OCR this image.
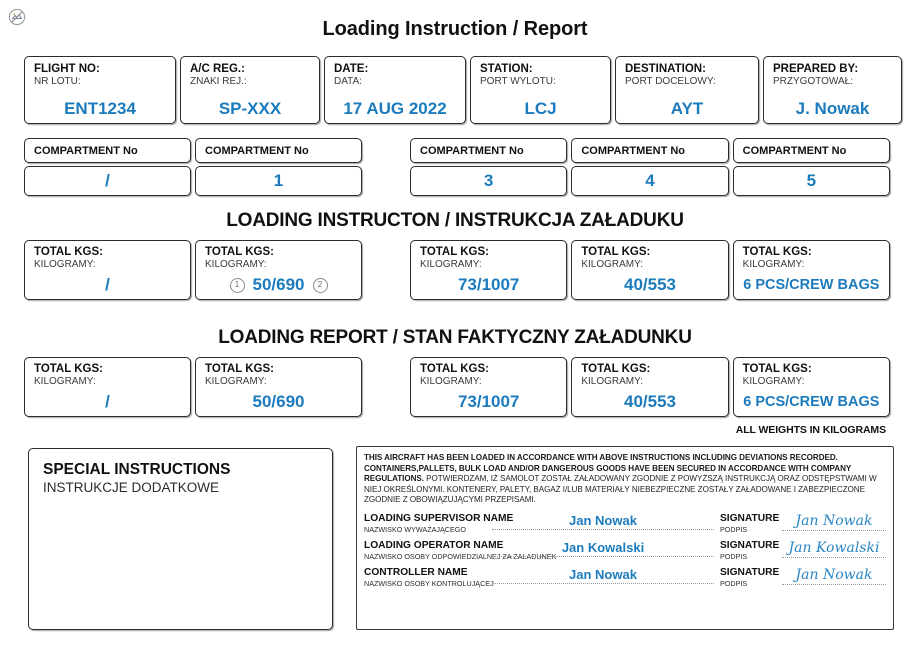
Loading Instruction / Report
FLIGHT NO:
NR LOTU:
ENT1234
A/C REG.:
ZNAKI REJ.:
SP-XXX
DATE:
DATA:
17 AUG 2022
STATION:
PORT WYLOTU:
LCJ
DESTINATION:
PORT DOCELOWY:
AYT
PREPARED BY:
PRZYGOTOWAŁ:
J. Nowak
COMPARTMENT No
/
COMPARTMENT No
1
COMPARTMENT No
3
COMPARTMENT No
4
COMPARTMENT No
5
LOADING INSTRUCTON / INSTRUKCJA ZAŁADUKU
TOTAL KGS:
KILOGRAMY:
/
TOTAL KGS:
KILOGRAMY:
1 50/690	2
TOTAL KGS:
KILOGRAMY:
73/1007
TOTAL KGS:
KILOGRAMY:
40/553
TOTAL KGS:
KILOGRAMY:
6 PCS/CREW BAGS
LOADING REPORT / STAN FAKTYCZNY ZAŁADUNKU
TOTAL KGS:
KILOGRAMY:
/
TOTAL KGS:
KILOGRAMY:
50/690
TOTAL KGS:
KILOGRAMY:
73/1007
TOTAL KGS:
KILOGRAMY:
40/553
TOTAL KGS:
KILOGRAMY:
6 PCS/CREW BAGS
ALL WEIGHTS IN KILOGRAMS
SPECIAL INSTRUCTIONS
INSTRUKCJE DODATKOWE
THIS AIRCRAFT HAS BEEN LOADED IN ACCORDANCE WITH ABOVE INSTRUCTIONS INCLUDING DEVIATIONS RECORDED. CONTAINERS,PALLETS, BULK LOAD AND/OR DANGEROUS GOODS HAVE BEEN SECURED IN ACCORDANCE WITH COMPANY REGULATIONS. POTWIERDZAM, IŻ SAMOLOT ZOSTAŁ ZAŁADOWANY ZGODNIE Z POWYŻSZĄ INSTRUKCJĄ ORAZ ODSTĘPSTWAMI W NIEJ OKREŚLONYMI. KONTENERY, PALETY, BAGAŻ I/LUB MATERIAŁY NIEBEZPIECZNE ZOSTAŁY ZAŁADOWANE I ZABEZPIECZONE ZGODNIE Z OBOWIĄZUJĄCYMI PRZEPISAMI.
LOADING SUPERVISOR NAME
NAZWISKO WYWAŻAJĄCEGO
Jan Nowak	SIGNATURE
PODPIS
Jan Nowak
LOADING OPERATOR NAME
NAZWISKO OSOBY ODPOWIEDZIALNEJ ZA ZAŁADUNEK
Jan Kowalski	SIGNATURE
PODPIS
Jan Kowalski
CONTROLLER NAME
NAZWISKO OSOBY KONTROLUJĄCEJ
Jan Nowak	SIGNATURE
PODPIS
Jan Nowak
